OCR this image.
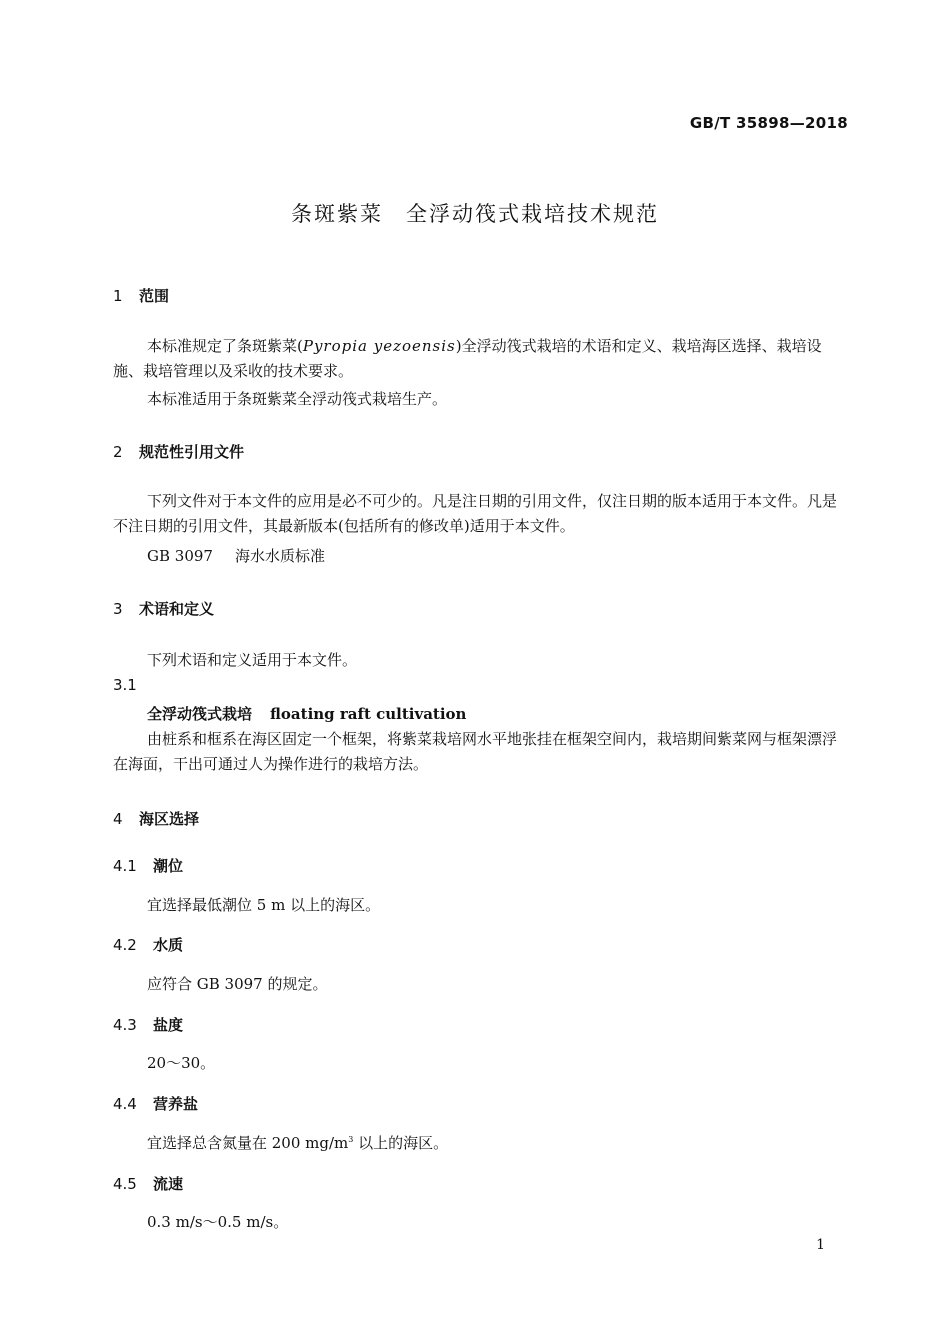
GB/T 35898—2018
条斑紫菜　全浮动筏式栽培技术规范
1 范围
本标准规定了条斑紫菜(Pyropia yezoensis)全浮动筏式栽培的术语和定义、栽培海区选择、栽培设施、栽培管理以及采收的技术要求。
本标准适用于条斑紫菜全浮动筏式栽培生产。
2 规范性引用文件
下列文件对于本文件的应用是必不可少的。凡是注日期的引用文件，仅注日期的版本适用于本文件。凡是不注日期的引用文件，其最新版本(包括所有的修改单)适用于本文件。
GB 3097 海水水质标准
3 术语和定义
下列术语和定义适用于本文件。
3.1
全浮动筏式栽培 floating raft cultivation
由桩系和框系在海区固定一个框架，将紫菜栽培网水平地张挂在框架空间内，栽培期间紫菜网与框架漂浮在海面，干出可通过人为操作进行的栽培方法。
4 海区选择
4.1 潮位
宜选择最低潮位 5 m 以上的海区。
4.2 水质
应符合 GB 3097 的规定。
4.3 盐度
20～30。
4.4 营养盐
宜选择总含氮量在 200 $mg/m^3$ 以上的海区。
4.5 流速
0.3 m/s～0.5 m/s。
1
